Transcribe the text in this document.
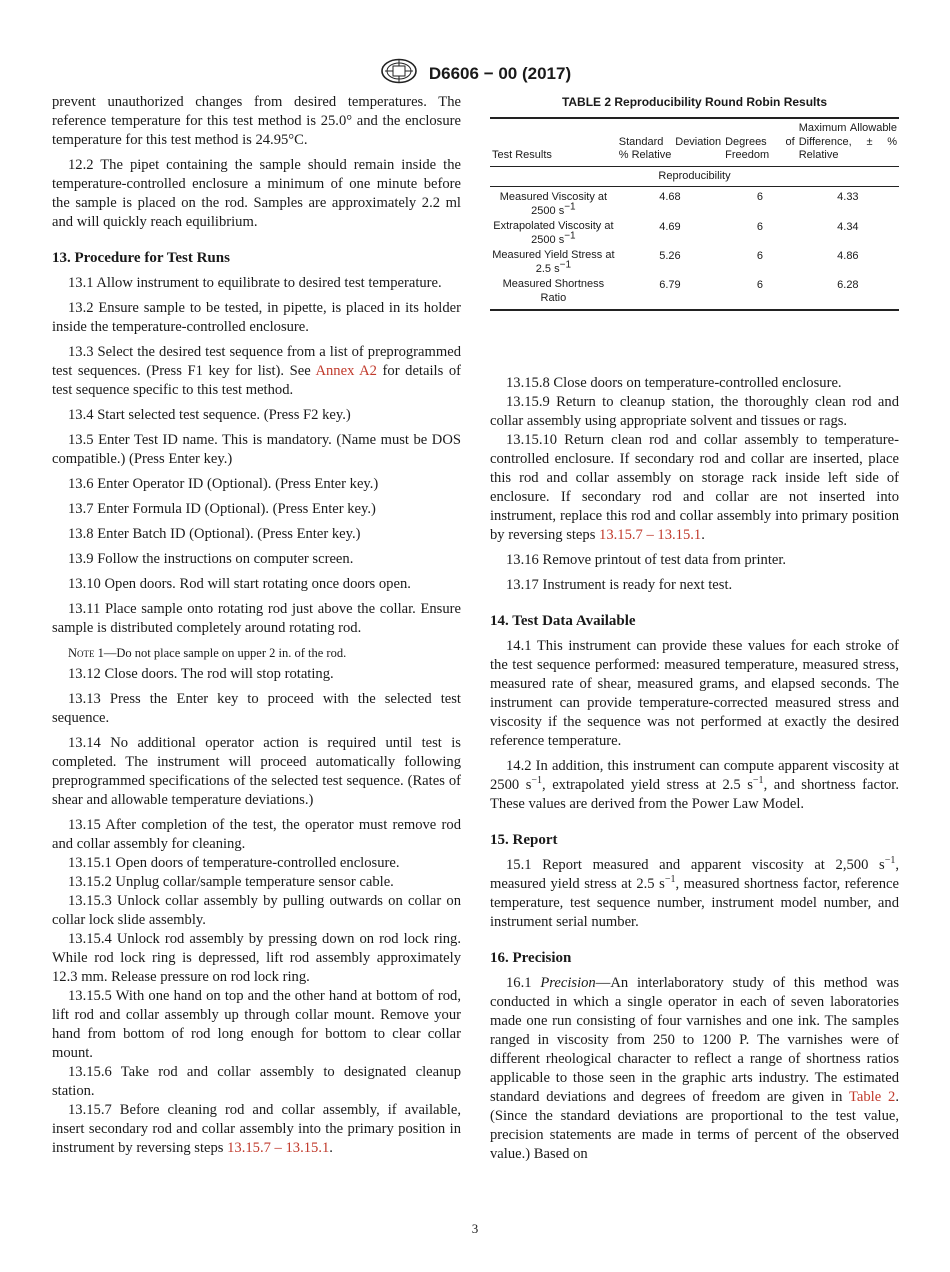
D6606 − 00 (2017)

prevent unauthorized changes from desired temperatures. The reference temperature for this test method is 25.0° and the enclosure temperature for this test method is 24.95°C.

12.2 The pipet containing the sample should remain inside the temperature-controlled enclosure a minimum of one minute before the sample is placed on the rod. Samples are approximately 2.2 ml and will quickly reach equilibrium.

13. Procedure for Test Runs

13.1 Allow instrument to equilibrate to desired test temperature.

13.2 Ensure sample to be tested, in pipette, is placed in its holder inside the temperature-controlled enclosure.

13.3 Select the desired test sequence from a list of preprogrammed test sequences. (Press F1 key for list). See Annex A2 for details of test sequence specific to this test method.

13.4 Start selected test sequence. (Press F2 key.)

13.5 Enter Test ID name. This is mandatory. (Name must be DOS compatible.) (Press Enter key.)

13.6 Enter Operator ID (Optional). (Press Enter key.)

13.7 Enter Formula ID (Optional). (Press Enter key.)

13.8 Enter Batch ID (Optional). (Press Enter key.)

13.9 Follow the instructions on computer screen.

13.10 Open doors. Rod will start rotating once doors open.

13.11 Place sample onto rotating rod just above the collar. Ensure sample is distributed completely around rotating rod.

Note 1—Do not place sample on upper 2 in. of the rod.

13.12 Close doors. The rod will stop rotating.

13.13 Press the Enter key to proceed with the selected test sequence.

13.14 No additional operator action is required until test is completed. The instrument will proceed automatically following preprogrammed specifications of the selected test sequence. (Rates of shear and allowable temperature deviations.)

13.15 After completion of the test, the operator must remove rod and collar assembly for cleaning.

13.15.1 Open doors of temperature-controlled enclosure.

13.15.2 Unplug collar/sample temperature sensor cable.

13.15.3 Unlock collar assembly by pulling outwards on collar on collar lock slide assembly.

13.15.4 Unlock rod assembly by pressing down on rod lock ring. While rod lock ring is depressed, lift rod assembly approximately 12.3 mm. Release pressure on rod lock ring.

13.15.5 With one hand on top and the other hand at bottom of rod, lift rod and collar assembly up through collar mount. Remove your hand from bottom of rod long enough for bottom to clear collar mount.

13.15.6 Take rod and collar assembly to designated cleanup station.

13.15.7 Before cleaning rod and collar assembly, if available, insert secondary rod and collar assembly into the primary position in instrument by reversing steps 13.15.7 – 13.15.1.

TABLE 2 Reproducibility Round Robin Results
Test Results	Standard Deviation % Relative	Degrees of Freedom	Maximum Allowable Difference, ± % Relative
Reproducibility			
Measured Viscosity at 2500 $s^{-1}$	4.68	6	4.33
Extrapolated Viscosity at 2500 $s^{-1}$	4.69	6	4.34
Measured Yield Stress at 2.5 $s^{-1}$	5.26	6	4.86
Measured Shortness Ratio	6.79	6	6.28

13.15.8 Close doors on temperature-controlled enclosure.

13.15.9 Return to cleanup station, the thoroughly clean rod and collar assembly using appropriate solvent and tissues or rags.

13.15.10 Return clean rod and collar assembly to temperature-controlled enclosure. If secondary rod and collar are inserted, place this rod and collar assembly on storage rack inside left side of enclosure. If secondary rod and collar are not inserted into instrument, replace this rod and collar assembly into primary position by reversing steps 13.15.7 – 13.15.1.

13.16 Remove printout of test data from printer.

13.17 Instrument is ready for next test.

14. Test Data Available

14.1 This instrument can provide these values for each stroke of the test sequence performed: measured temperature, measured stress, measured rate of shear, measured grams, and elapsed seconds. The instrument can provide temperature-corrected measured stress and viscosity if the sequence was not performed at exactly the desired reference temperature.

14.2 In addition, this instrument can compute apparent viscosity at 2500 $s^{-1}$, extrapolated yield stress at 2.5 $s^{-1}$, and shortness factor. These values are derived from the Power Law Model.

15. Report

15.1 Report measured and apparent viscosity at 2,500 $s^{-1}$, measured yield stress at 2.5 $s^{-1}$, measured shortness factor, reference temperature, test sequence number, instrument model number, and instrument serial number.

16. Precision

16.1 Precision—An interlaboratory study of this method was conducted in which a single operator in each of seven laboratories made one run consisting of four varnishes and one ink. The samples ranged in viscosity from 250 to 1200 P. The varnishes were of different rheological character to reflect a range of shortness ratios applicable to those seen in the graphic arts industry. The estimated standard deviations and degrees of freedom are given in Table 2. (Since the standard deviations are proportional to the test value, precision statements are made in terms of percent of the observed value.) Based on

3
